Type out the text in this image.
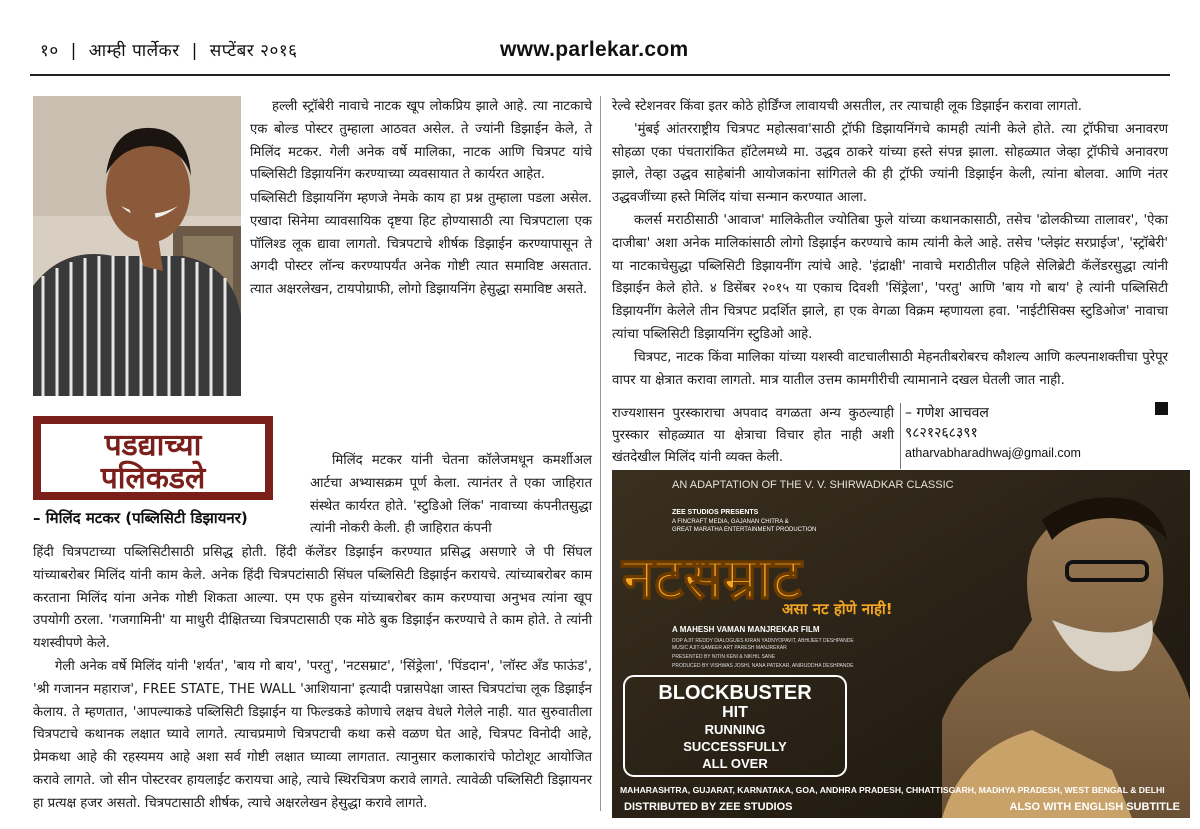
१० | आम्ही पार्लेकर | सप्टेंबर २०१६	www.parlekar.com

हल्ली स्ट्रॉबेरी नावाचे नाटक खूप लोकप्रिय झाले आहे. त्या नाटकाचे एक बोल्ड पोस्टर तुम्हाला आठवत असेल. ते ज्यांनी डिझाईन केले, ते मिलिंद मटकर. गेली अनेक वर्षे मालिका, नाटक आणि चित्रपट यांचे पब्लिसिटी डिझायनिंग करण्याच्या व्यवसायात ते कार्यरत आहेत.

पब्लिसिटी डिझायनिंग म्हणजे नेमके काय हा प्रश्न तुम्हाला पडला असेल. एखादा सिनेमा व्यावसायिक दृष्टया हिट होण्यासाठी त्या चित्रपटाला एक पॉलिश्ड लूक द्यावा लागतो. चित्रपटाचे शीर्षक डिझाईन करण्यापासून ते अगदी पोस्टर लॉन्च करण्यापर्यंत अनेक गोष्टी त्यात समाविष्ट असतात. त्यात अक्षरलेखन, टायपोग्राफी, लोगो डिझायनिंग हेसुद्धा समाविष्ट असते.

पडद्याच्या
पलिकडले
– मिलिंद मटकर (पब्लिसिटी डिझायनर)

मिलिंद मटकर यांनी चेतना कॉलेजमधून कमर्शीअल आर्टचा अभ्यासक्रम पूर्ण केला. त्यानंतर ते एका जाहिरात संस्थेत कार्यरत होते. 'स्टुडिओ लिंक' नावाच्या कंपनीतसुद्धा त्यांनी नोकरी केली. ही जाहिरात कंपनी

हिंदी चित्रपटाच्या पब्लिसिटीसाठी प्रसिद्ध होती. हिंदी कॅलेंडर डिझाईन करण्यात प्रसिद्ध असणारे जे पी सिंघल यांच्याबरोबर मिलिंद यांनी काम केले. अनेक हिंदी चित्रपटांसाठी सिंघल पब्लिसिटी डिझाईन करायचे. त्यांच्याबरोबर काम करताना मिलिंद यांना अनेक गोष्टी शिकता आल्या. एम एफ हुसेन यांच्याबरोबर काम करण्याचा अनुभव त्यांना खूप उपयोगी ठरला. 'गजगामिनी' या माधुरी दीक्षितच्या चित्रपटासाठी एक मोठे बुक डिझाईन करण्याचे ते काम होते. ते त्यांनी यशस्वीपणे केले.

गेली अनेक वर्षे मिलिंद यांनी 'शर्यत', 'बाय गो बाय', 'परतु', 'नटसम्राट', 'सिंड्रेला', 'पिंडदान', 'लॉस्ट अँड फाऊंड', 'श्री गजानन महाराज', FREE STATE, THE WALL 'आशियाना' इत्यादी पन्नासपेक्षा जास्त चित्रपटांचा लूक डिझाईन केलाय. ते म्हणतात, 'आपल्याकडे पब्लिसिटी डिझाईन या फिल्डकडे कोणाचे लक्षच वेधले गेलेले नाही. यात सुरुवातीला चित्रपटाचे कथानक लक्षात घ्यावे लागते. त्याचप्रमाणे चित्रपटाची कथा कसे वळण घेत आहे, चित्रपट विनोदी आहे, प्रेमकथा आहे की रहस्यमय आहे अशा सर्व गोष्टी लक्षात घ्याव्या लागतात. त्यानुसार कलाकारांचे फोटोशूट आयोजित करावे लागते. जो सीन पोस्टरवर हायलाईट करायचा आहे, त्याचे स्थिरचित्रण करावे लागते. त्यावेळी पब्लिसिटी डिझायनर हा प्रत्यक्ष हजर असतो. चित्रपटासाठी शीर्षक, त्याचे अक्षरलेखन हेसुद्धा करावे लागते.

रेल्वे स्टेशनवर किंवा इतर कोठे होर्डिंग्ज लावायची असतील, तर त्याचाही लूक डिझाईन करावा लागतो.

'मुंबई आंतरराष्ट्रीय चित्रपट महोत्सवा'साठी ट्रॉफी डिझायनिंगचे कामही त्यांनी केले होते. त्या ट्रॉफीचा अनावरण सोहळा एका पंचतारांकित हॉटेलमध्ये मा. उद्धव ठाकरे यांच्या हस्ते संपन्न झाला. सोहळ्यात जेव्हा ट्रॉफीचे अनावरण झाले, तेव्हा उद्धव साहेबांनी आयोजकांना सांगितले की ही ट्रॉफी ज्यांनी डिझाईन केली, त्यांना बोलवा. आणि नंतर उद्धवजींच्या हस्ते मिलिंद यांचा सन्मान करण्यात आला.

कलर्स मराठीसाठी 'आवाज' मालिकेतील ज्योतिबा फुले यांच्या कथानकासाठी, तसेच 'ढोलकीच्या तालावर', 'ऐका दाजीबा' अशा अनेक मालिकांसाठी लोगो डिझाईन करण्याचे काम त्यांनी केले आहे. तसेच 'प्लेझंट सरप्राईज', 'स्ट्रॉबेरी' या नाटकाचेसुद्धा पब्लिसिटी डिझायनींग त्यांचे आहे. 'इंद्राक्षी' नावाचे मराठीतील पहिले सेलिब्रेटी कॅलेंडरसुद्धा त्यांनी डिझाईन केले होते. ४ डिसेंबर २०१५ या एकाच दिवशी 'सिंड्रेला', 'परतु' आणि 'बाय गो बाय' हे त्यांनी पब्लिसिटी डिझायनींग केलेले तीन चित्रपट प्रदर्शित झाले, हा एक वेगळा विक्रम म्हणायला हवा. 'नाईटीसिक्स स्टुडिओज' नावाचा त्यांचा पब्लिसिटी डिझायनिंग स्टुडिओ आहे.

चित्रपट, नाटक किंवा मालिका यांच्या यशस्वी वाटचालीसाठी मेहनतीबरोबरच कौशल्य आणि कल्पनाशक्तीचा पुरेपूर वापर या क्षेत्रात करावा लागतो. मात्र यातील उत्तम कामगीरीची त्यामानाने दखल घेतली जात नाही.

राज्यशासन पुरस्काराचा अपवाद वगळता अन्य कुठल्याही पुरस्कार सोहळ्यात या क्षेत्राचा विचार होत नाही अशी खंतदेखील मिलिंद यांनी व्यक्त केली.
– गणेश आचवल
९८२१२६८३९१
atharvabharadhwaj@gmail.com
AN ADAPTATION OF THE V. V. SHIRWADKAR CLASSIC
ZEE STUDIOS PRESENTS
A FINCRAFT MEDIA, GAJANAN CHITRA &
GREAT MARATHA ENTERTAINMENT PRODUCTION
नटसम्राट
असा नट होणे नाही!
A MAHESH VAMAN MANJREKAR FILM
DOP AJIT REDDY DIALOGUES KIRAN YADNYOPAVIT, ABHIJEET DESHPANDE
MUSIC AJIT-SAMEER ART PARESH MANJREKAR
PRESENTED BY NITIN KENI & NIKHIL SANE
PRODUCED BY VISHWAS JOSHI, NANA PATEKAR, ANIRUDDHA DESHPANDE
BLOCKBUSTER
HIT
RUNNING
SUCCESSFULLY
ALL OVER
MAHARASHTRA, GUJARAT, KARNATAKA, GOA, ANDHRA PRADESH, CHHATTISGARH, MADHYA PRADESH, WEST BENGAL & DELHI
DISTRIBUTED BY ZEE STUDIOS	ALSO WITH ENGLISH SUBTITLE
